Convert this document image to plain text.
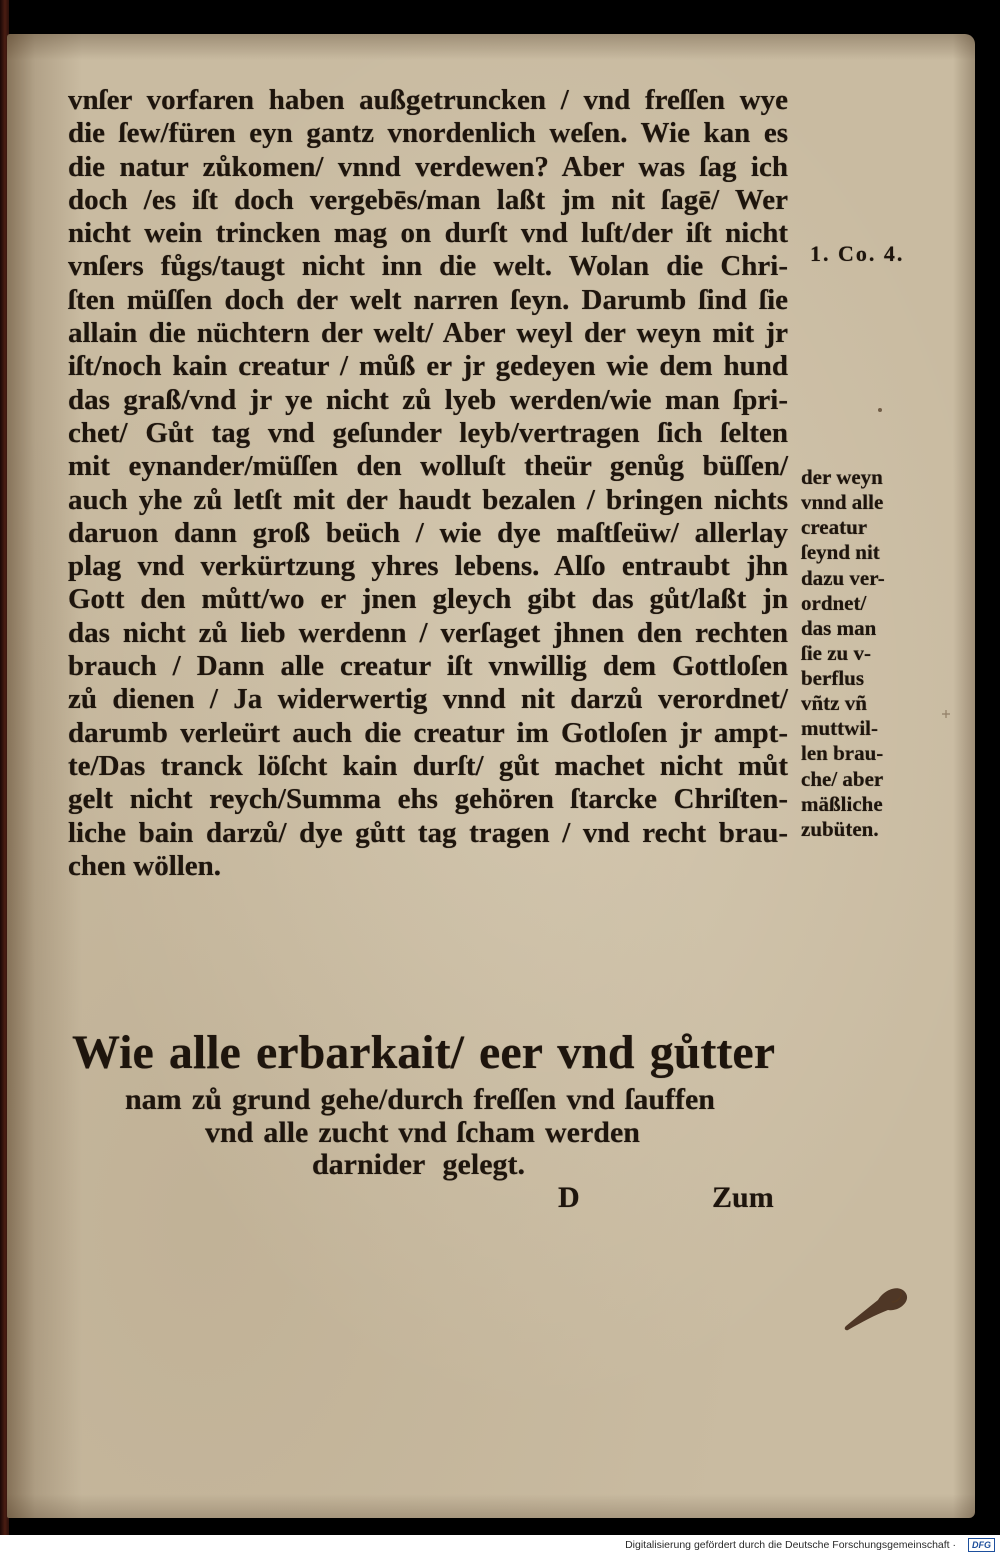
vnſer vorfaren haben außgetruncken / vnd freſſen wye
die ſew/füren eyn gantz vnordenlich weſen. Wie kan es
die natur zůkomen/ vnnd verdewen? Aber was ſag ich
doch /es iſt doch vergebēs/man laßt jm nit ſagē/ Wer
nicht wein trincken mag on durſt vnd luſt/der iſt nicht
vnſers fůgs/taugt nicht inn die welt. Wolan die Chri-
ſten müſſen doch der welt narren ſeyn. Darumb ſind ſie
allain die nüchtern der welt/ Aber weyl der weyn mit jr
iſt/noch kain creatur / můß er jr gedeyen wie dem hund
das graß/vnd jr ye nicht zů lyeb werden/wie man ſpri-
chet/ Gůt tag vnd geſunder leyb/vertragen ſich ſelten
mit eynander/müſſen den wolluſt theür genůg büſſen/
auch yhe zů letſt mit der haudt bezalen / bringen nichts
daruon dann groß beüch / wie dye maſtſeüw/ allerlay
plag vnd verkürtzung yhres lebens. Alſo entraubt jhn
Gott den můtt/wo er jnen gleych gibt das gůt/laßt jn
das nicht zů lieb werdenn / verſaget jhnen den rechten
brauch / Dann alle creatur iſt vnwillig dem Gottloſen
zů dienen / Ja widerwertig vnnd nit darzů verordnet/
darumb verleürt auch die creatur im Gotloſen jr ampt-
te/Das tranck löſcht kain durſt/ gůt machet nicht můt
gelt nicht reych/Summa ehs gehören ſtarcke Chriſten-
liche bain darzů/ dye gůtt tag tragen / vnd recht brau-
chen wöllen.
1. Co. 4.
der weyn
vnnd alle
creatur
ſeynd nit
dazu ver-
ordnet/
das man
ſie zu v-
berflus
vñtz vñ
muttwil-
len brau-
che/ aber
mäßliche
zubüten.
Wie alle erbarkait/ eer vnd gůtter
nam zů grund gehe/durch freſſen vnd ſauffen
vnd alle zucht vnd ſcham werden
darnider gelegt.
D	Zum
Digitalisierung gefördert durch die Deutsche Forschungsgemeinschaft ·	DFG
